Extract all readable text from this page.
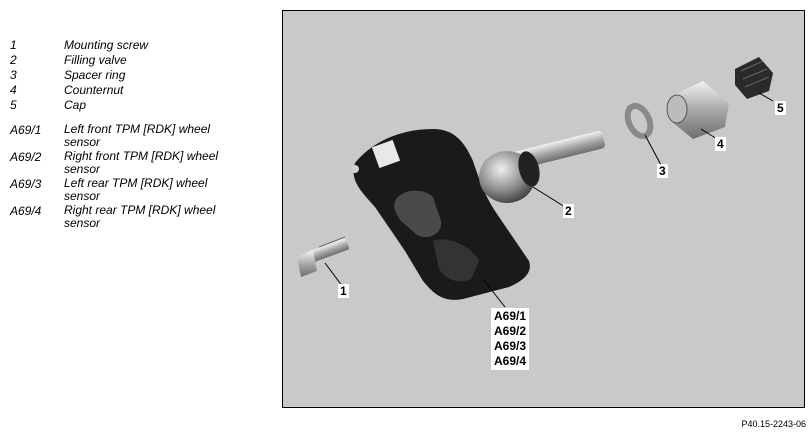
1	Mounting screw
2	Filling valve
3	Spacer ring
4	Counternut
5	Cap
A69/1	Left front TPM [RDK] wheel sensor
A69/2	Right front TPM [RDK] wheel sensor
A69/3	Left rear TPM [RDK] wheel sensor
A69/4	Right rear TPM [RDK] wheel sensor
1
2
3
4
5
A69/1
A69/2
A69/3
A69/4
P40.15-2243-06
